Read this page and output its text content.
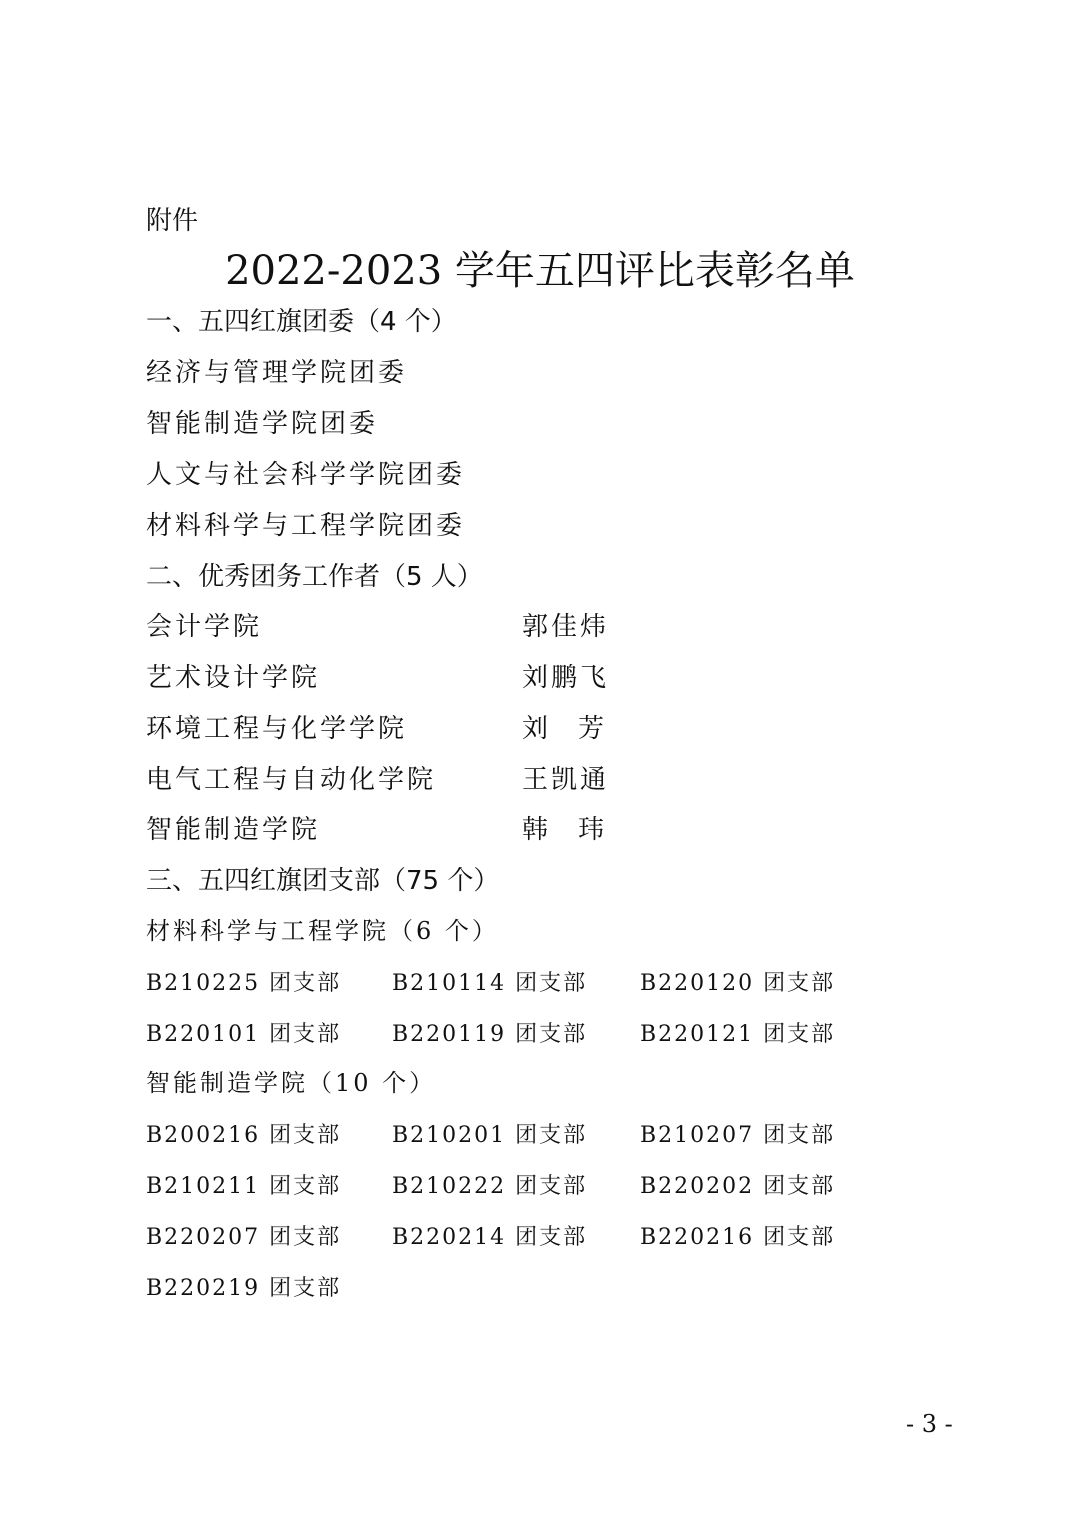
附件
2022-2023 学年五四评比表彰名单
一、五四红旗团委（4 个）
经济与管理学院团委
智能制造学院团委
人文与社会科学学院团委
材料科学与工程学院团委
二、优秀团务工作者（5 人）
会计学院	郭佳炜
艺术设计学院	刘鹏飞
环境工程与化学学院	刘芳
电气工程与自动化学院	王凯通
智能制造学院	韩玮
三、五四红旗团支部（75 个）
材料科学与工程学院（6 个）
B210225 团支部 B210114 团支部 B220120 团支部
B220101 团支部 B220119 团支部 B220121 团支部
智能制造学院（10 个）
B200216 团支部 B210201 团支部 B210207 团支部
B210211 团支部 B210222 团支部 B220202 团支部
B220207 团支部 B220214 团支部 B220216 团支部
B220219 团支部
- 3 -
